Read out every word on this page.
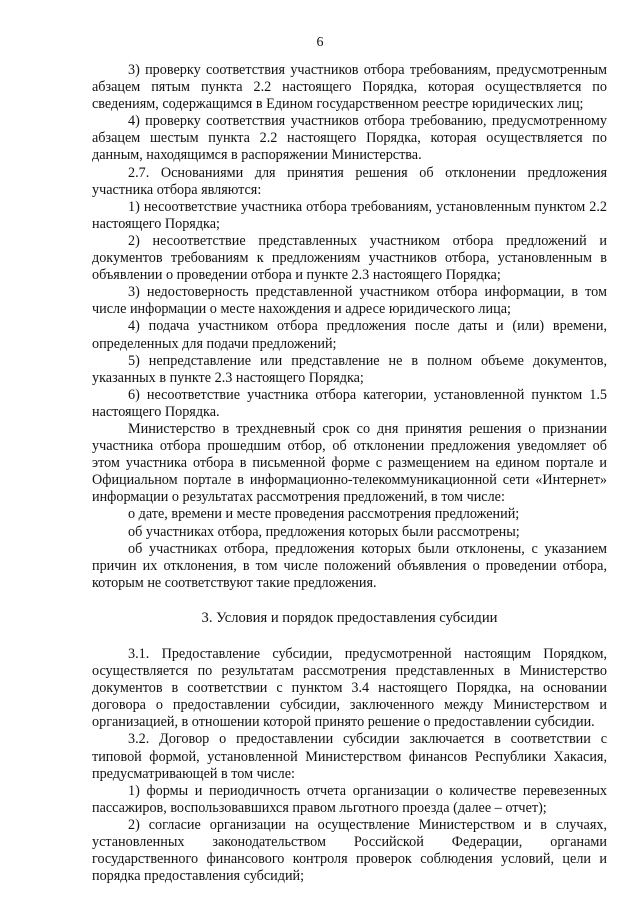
6

3) проверку соответствия участников отбора требованиям, предусмотренным абзацем пятым пункта 2.2 настоящего Порядка, которая осуществляется по сведениям, содержащимся в Едином государственном реестре юридических лиц;

4) проверку соответствия участников отбора требованию, предусмотренному абзацем шестым пункта 2.2 настоящего Порядка, которая осуществляется по данным, находящимся в распоряжении Министерства.

2.7. Основаниями для принятия решения об отклонении предложения участника отбора являются:

1) несоответствие участника отбора требованиям, установленным пунктом 2.2 настоящего Порядка;

2) несоответствие представленных участником отбора предложений и документов требованиям к предложениям участников отбора, установленным в объявлении о проведении отбора и пункте 2.3 настоящего Порядка;

3) недостоверность представленной участником отбора информации, в том числе информации о месте нахождения и адресе юридического лица;

4) подача участником отбора предложения после даты и (или) времени, определенных для подачи предложений;

5) непредставление или представление не в полном объеме документов, указанных в пункте 2.3 настоящего Порядка;

6) несоответствие участника отбора категории, установленной пунктом 1.5 настоящего Порядка.

Министерство в трехдневный срок со дня принятия решения о признании участника отбора прошедшим отбор, об отклонении предложения уведомляет об этом участника отбора в письменной форме с размещением на едином портале и Официальном портале в информационно-телекоммуникационной сети «Интернет» информации о результатах рассмотрения предложений, в том числе:

о дате, времени и месте проведения рассмотрения предложений;

об участниках отбора, предложения которых были рассмотрены;

об участниках отбора, предложения которых были отклонены, с указанием причин их отклонения, в том числе положений объявления о проведении отбора, которым не соответствуют такие предложения.

3. Условия и порядок предоставления субсидии

3.1. Предоставление субсидии, предусмотренной настоящим Порядком, осуществляется по результатам рассмотрения представленных в Министерство документов в соответствии с пунктом 3.4 настоящего Порядка, на основании договора о предоставлении субсидии, заключенного между Министерством и организацией, в отношении которой принято решение о предоставлении субсидии.

3.2. Договор о предоставлении субсидии заключается в соответствии с типовой формой, установленной Министерством финансов Республики Хакасия, предусматривающей в том числе:

1) формы и периодичность отчета организации о количестве перевезенных пассажиров, воспользовавшихся правом льготного проезда (далее – отчет);

2) согласие организации на осуществление Министерством и в случаях, установленных законодательством Российской Федерации, органами государственного финансового контроля проверок соблюдения условий, цели и порядка предоставления субсидий;
